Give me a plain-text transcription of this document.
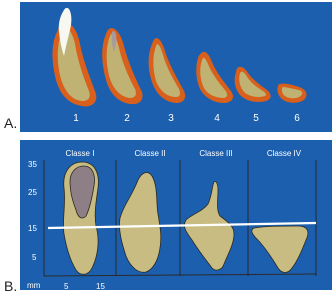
1	2	3	4	5	6
A.
35
25
15
5
Classe I	Classe II	Classe III	Classe IV
mm	5	15
B.
